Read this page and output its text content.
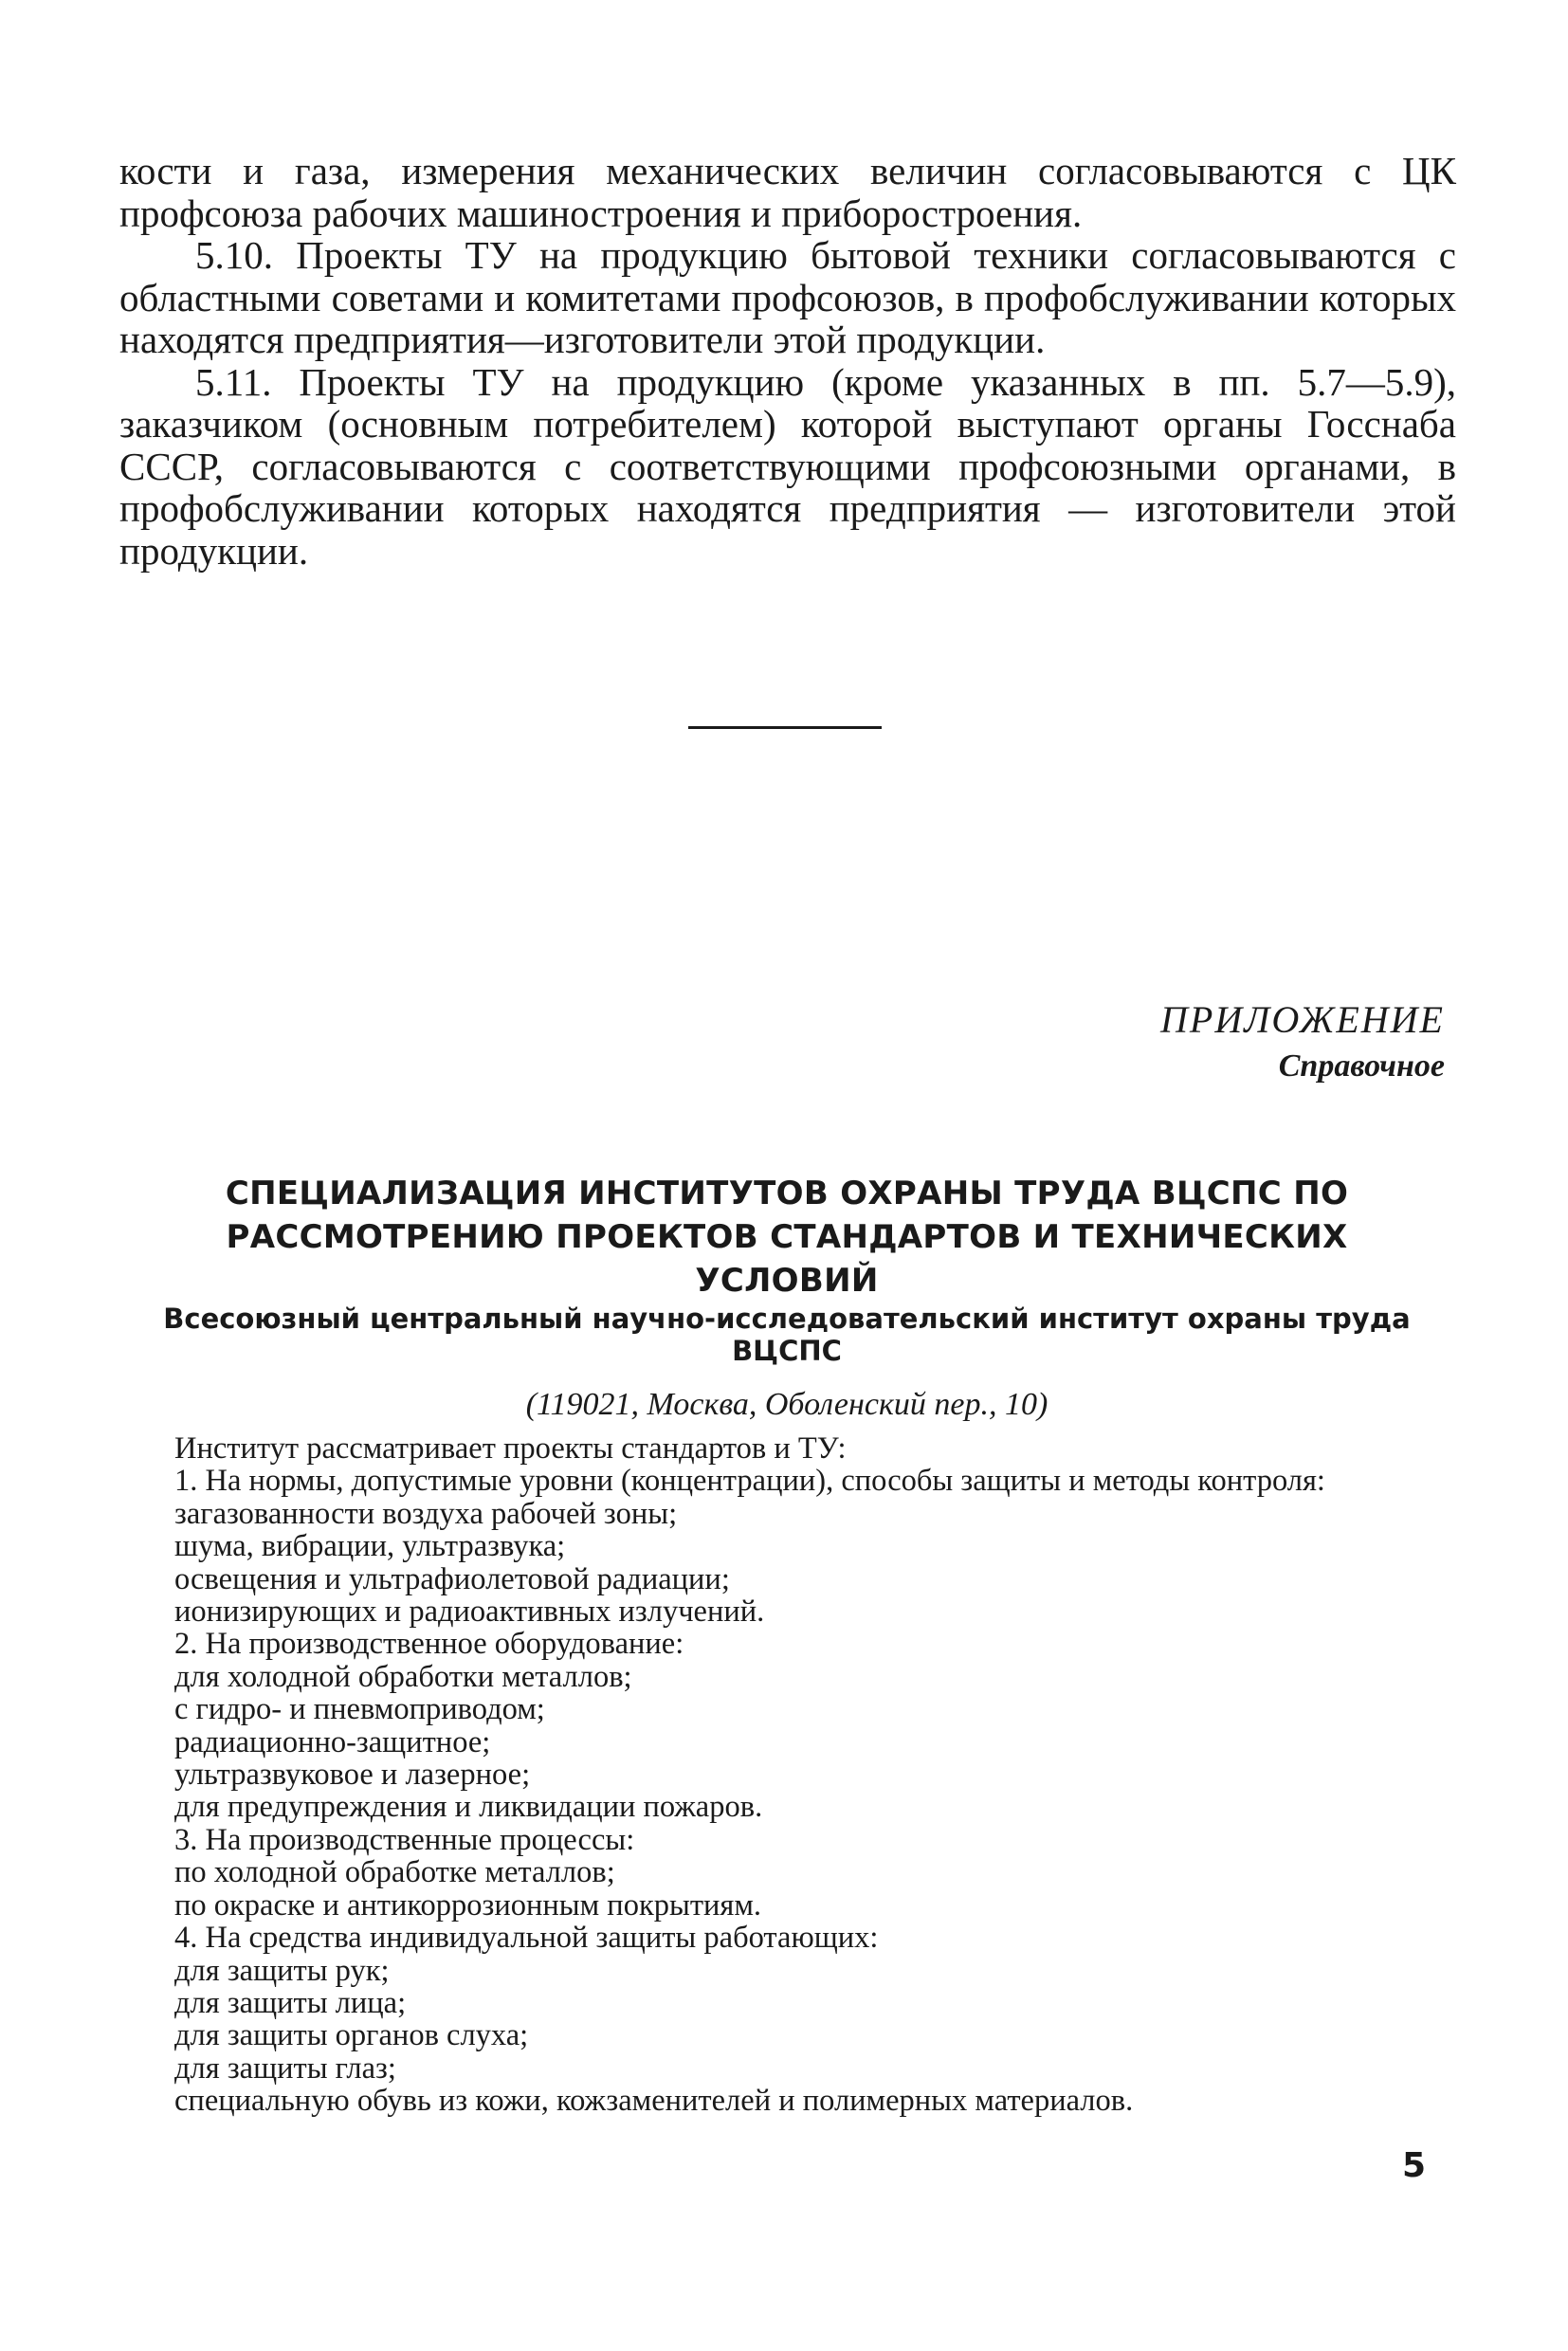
кости и газа, измерения механических величин согласовываются с ЦК профсоюза рабочих машиностроения и приборостроения.

5.10. Проекты ТУ на продукцию бытовой техники согласовываются с областными советами и комитетами профсоюзов, в профобслуживании которых находятся предприятия—изготовители этой продукции.

5.11. Проекты ТУ на продукцию (кроме указанных в пп. 5.7—5.9), заказчиком (основным потребителем) которой выступают органы Госснаба СССР, согласовываются с соответствующими профсоюзными органами, в профобслуживании которых находятся предприятия — изготовители этой продукции.

ПРИЛОЖЕНИЕ
Справочное
СПЕЦИАЛИЗАЦИЯ ИНСТИТУТОВ ОХРАНЫ ТРУДА ВЦСПС ПО РАССМОТРЕНИЮ ПРОЕКТОВ СТАНДАРТОВ И ТЕХНИЧЕСКИХ УСЛОВИЙ
Всесоюзный центральный научно-исследовательский институт охраны труда ВЦСПС
(119021, Москва, Оболенский пер., 10)
Институт рассматривает проекты стандартов и ТУ:
1. На нормы, допустимые уровни (концентрации), способы защиты и методы контроля:
загазованности воздуха рабочей зоны;
шума, вибрации, ультразвука;
освещения и ультрафиолетовой радиации;
ионизирующих и радиоактивных излучений.
2. На производственное оборудование:
для холодной обработки металлов;
с гидро- и пневмоприводом;
радиационно-защитное;
ультразвуковое и лазерное;
для предупреждения и ликвидации пожаров.
3. На производственные процессы:
по холодной обработке металлов;
по окраске и антикоррозионным покрытиям.
4. На средства индивидуальной защиты работающих:
для защиты рук;
для защиты лица;
для защиты органов слуха;
для защиты глаз;
специальную обувь из кожи, кожзаменителей и полимерных материалов.
5
